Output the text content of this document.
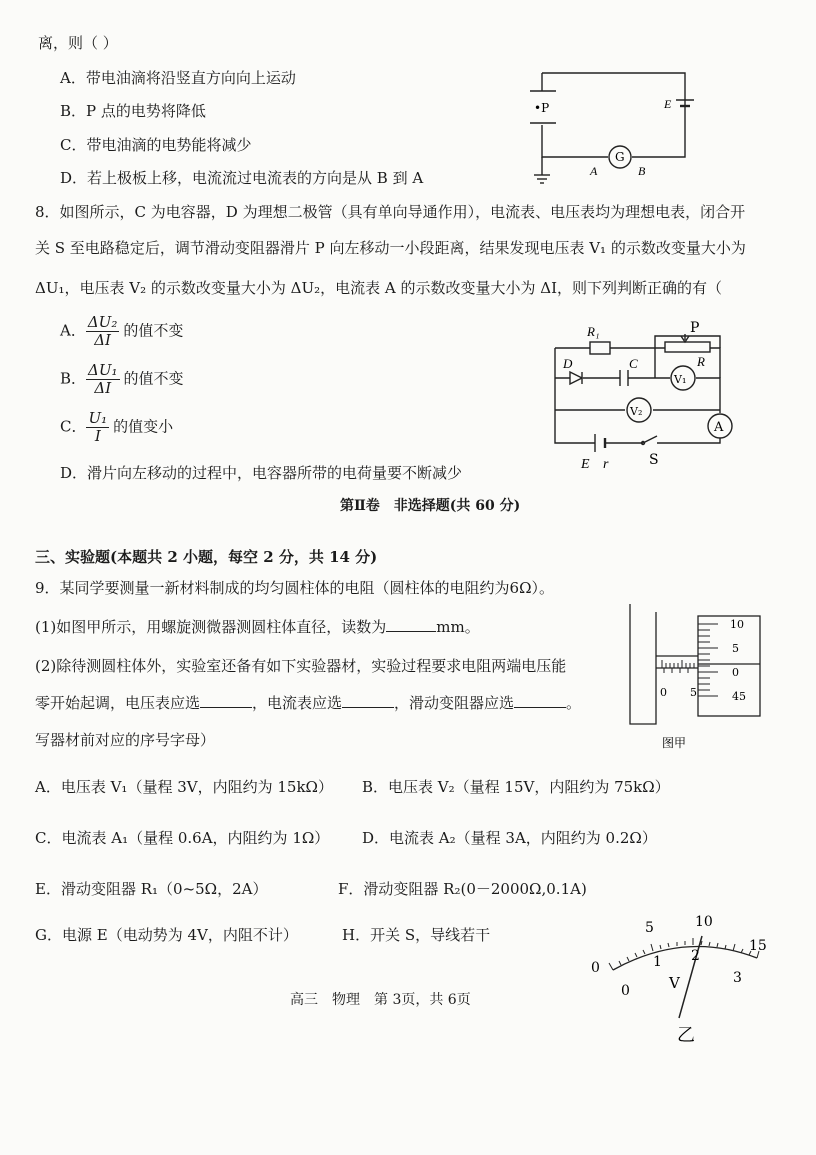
离，则（ ）
A．带电油滴将沿竖直方向向上运动
B．P 点的电势将降低
C．带电油滴的电势能将减少
D．若上极板上移，电流流过电流表的方向是从 B 到 A
•P	E
G
A	B
8．如图所示，C 为电容器，D 为理想二极管（具有单向导通作用），电流表、电压表均为理想电表，闭合开
关 S 至电路稳定后，调节滑动变阻器滑片 P 向左移动一小段距离，结果发现电压表 V₁ 的示数改变量大小为
ΔU₁，电压表 V₂ 的示数改变量大小为 ΔU₂，电流表 A 的示数改变量大小为 ΔI，则下列判断正确的有（
A． $\frac{\text{ΔU₂}}{\Delta I}$ 的值不变
B． $\frac{\text{ΔU₁}}{\Delta I}$ 的值不变
C． $\frac{\text{U₁}}{I}$ 的值变小
D．滑片向左移动的过程中，电容器所带的电荷量要不断减少
R₁	P
R
D	C
V₁
V₂
A
E r	S
第Ⅱ卷　非选择题(共 60 分)
三、实验题(本题共 2 小题，每空 2 分，共 14 分)
9．某同学要测量一新材料制成的均匀圆柱体的电阻（圆柱体的电阻约为6Ω）。
(1)如图甲所示，用螺旋测微器测圆柱体直径，读数为	mm。
(2)除待测圆柱体外，实验室还备有如下实验器材，实验过程要求电阻两端电压能
零开始起调，电压表应选	，电流表应选	，滑动变阻器应选	。
写器材前对应的序号字母）
A．电压表 V₁（量程 3V，内阻约为 15kΩ） B．电压表 V₂（量程 15V，内阻约为 75kΩ）
C．电流表 A₁（量程 0.6A，内阻约为 1Ω） D．电流表 A₂（量程 3A，内阻约为 0.2Ω）
E．滑动变阻器 R₁（0~5Ω，2A）	F．滑动变阻器 R₂(0－2000Ω,0.1A)
G．电源 E（电动势为 4V，内阻不计）	H．开关 S，导线若干
10
5
0
45
0 5
图甲
0
5	10
15
0
1 2
3
V
乙
高三　物理　第 3页，共 6页
